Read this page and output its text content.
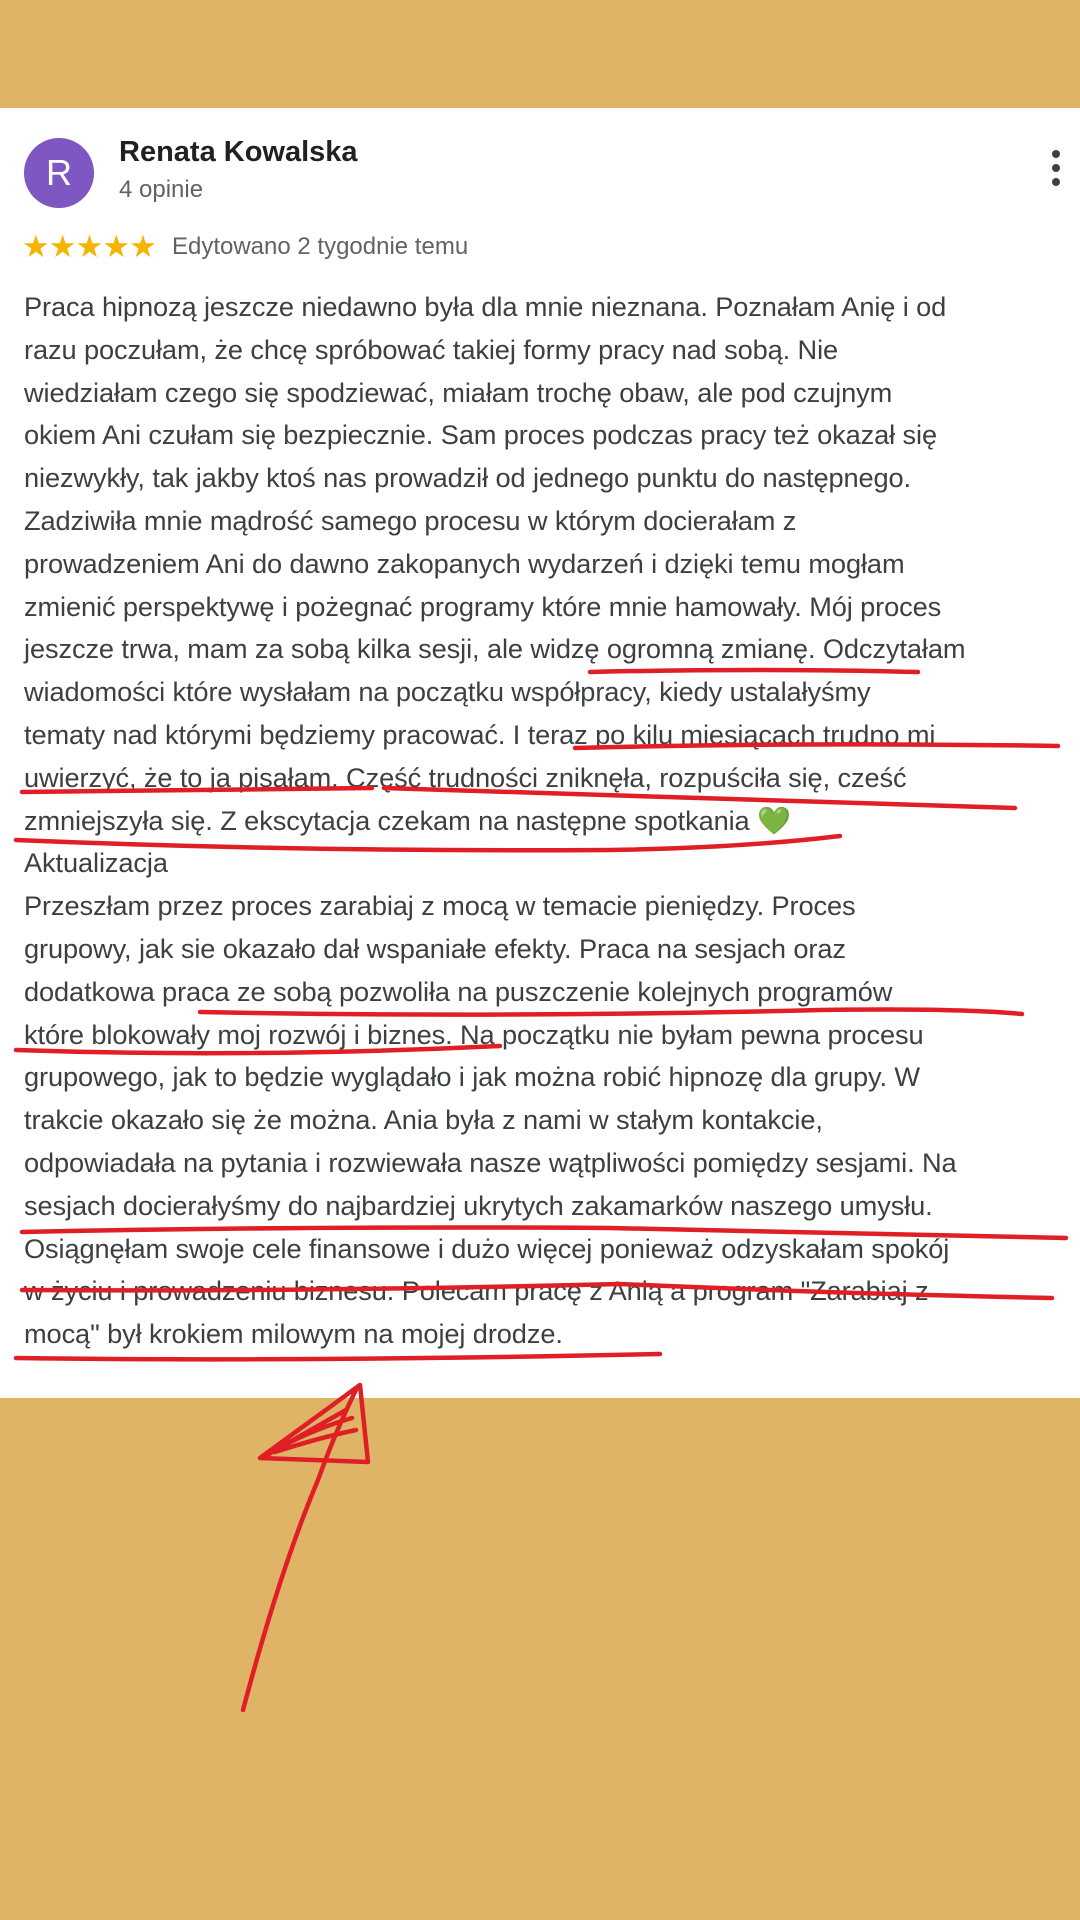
R	Renata Kowalska
4 opinie
★★★★★ Edytowano 2 tygodnie temu
Praca hipnozą jeszcze niedawno była dla mnie nieznana. Poznałam Anię i od
razu poczułam, że chcę spróbować takiej formy pracy nad sobą. Nie
wiedziałam czego się spodziewać, miałam trochę obaw, ale pod czujnym
okiem Ani czułam się bezpiecznie. Sam proces podczas pracy też okazał się
niezwykły, tak jakby ktoś nas prowadził od jednego punktu do następnego.
Zadziwiła mnie mądrość samego procesu w którym docierałam z
prowadzeniem Ani do dawno zakopanych wydarzeń i dzięki temu mogłam
zmienić perspektywę i pożegnać programy które mnie hamowały. Mój proces
jeszcze trwa, mam za sobą kilka sesji, ale widzę ogromną zmianę. Odczytałam
wiadomości które wysłałam na początku współpracy, kiedy ustalałyśmy
tematy nad którymi będziemy pracować. I teraz po kilu miesiącach trudno mi
uwierzyć, że to ja pisałam. Część trudności zniknęła, rozpuściła się, cześć
zmniejszyła się. Z ekscytacja czekam na następne spotkania 💚
Aktualizacja
Przeszłam przez proces zarabiaj z mocą w temacie pieniędzy. Proces
grupowy, jak sie okazało dał wspaniałe efekty. Praca na sesjach oraz
dodatkowa praca ze sobą pozwoliła na puszczenie kolejnych programów
które blokowały moj rozwój i biznes. Na początku nie byłam pewna procesu
grupowego, jak to będzie wyglądało i jak można robić hipnozę dla grupy. W
trakcie okazało się że można. Ania była z nami w stałym kontakcie,
odpowiadała na pytania i rozwiewała nasze wątpliwości pomiędzy sesjami. Na
sesjach docierałyśmy do najbardziej ukrytych zakamarków naszego umysłu.
Osiągnęłam swoje cele finansowe i dużo więcej ponieważ odzyskałam spokój
w życiu i prowadzeniu biznesu. Polecam pracę z Anią a program "Zarabiaj z
mocą" był krokiem milowym na mojej drodze.
